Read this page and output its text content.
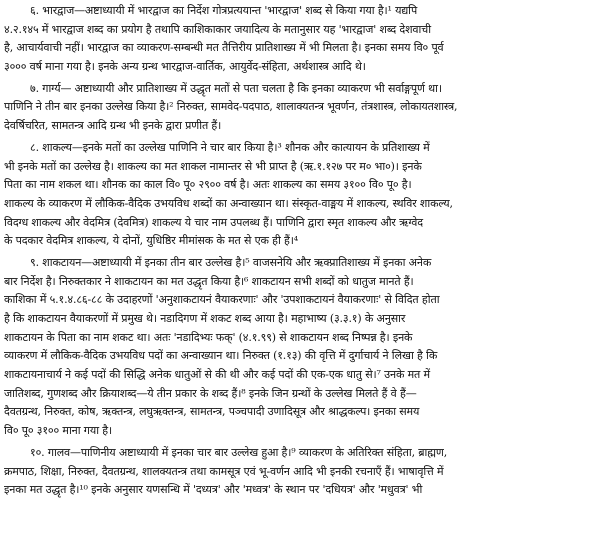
६. भारद्वाज—अष्टाध्यायी में भारद्वाज का निर्देश गोत्रप्रत्ययान्त 'भारद्वाज' शब्द से किया गया है।¹ यद्यपि
४.२.१४५ में भारद्वाज शब्द का प्रयोग है तथापि काशिकाकार जयादित्य के मतानुसार यह 'भारद्वाज' शब्द देशवाची
है, आचार्यवाची नहीं। भारद्वाज का व्याकरण-सम्बन्धी मत तैत्तिरीय प्रातिशाख्य में भी मिलता है। इनका समय वि० पूर्व
३००० वर्ष माना गया है। इनके अन्य ग्रन्थ भारद्वाज-वार्तिक, आयुर्वेद-संहिता, अर्थशास्त्र आदि थे।
७. गार्ग्य— अष्टाध्यायी और प्रातिशाख्य में उद्धृत मतों से पता चलता है कि इनका व्याकरण भी सर्वाङ्गपूर्ण था।
पाणिनि ने तीन बार इनका उल्लेख किया है।² निरुक्त, सामवेद-पदपाठ, शालाक्यतन्त्र भूवर्णन, तंत्रशास्त्र, लोकायतशास्त्र,
देवर्षिचरित, सामतन्त्र आदि ग्रन्थ भी इनके द्वारा प्रणीत हैं।
८. शाकल्य—इनके मतों का उल्लेख पाणिनि ने चार बार किया है।³ शौनक और कात्यायन के प्रतिशाख्य में
भी इनके मतों का उल्लेख है। शाकल्य का मत शाकल नामान्तर से भी प्राप्त है (ऋ.१.१२७ पर म० भा०)। इनके
पिता का नाम शकल था। शौनक का काल वि० पू० २९०० वर्ष है। अतः शाकल्य का समय ३१०० वि० पू० है।
शाकल्य के व्याकरण में लौकिक-वैदिक उभयविध शब्दों का अन्वाख्यान था। संस्कृत-वाङ्मय में शाकल्य, स्थविर शाकल्य,
विदग्ध शाकल्य और वेदमित्र (देवमित्र) शाकल्य ये चार नाम उपलब्ध हैं। पाणिनि द्वारा स्मृत शाकल्य और ऋग्वेद
के पदकार वेदमित्र शाकल्य, ये दोनों, युधिष्ठिर मीमांसक के मत से एक ही हैं।⁴
९. शाकटायन—अष्टाध्यायी में इनका तीन बार उल्लेख है।⁵ वाजसनेयि और ऋक्प्रातिशाख्य में इनका अनेक
बार निर्देश है। निरुक्तकार ने शाकटायन का मत उद्धृत किया है।⁶ शाकटायन सभी शब्दों को धातुज मानते हैं।
काशिका में ५.१.४.८६-८८ के उदाहरणों 'अनुशाकटायनं वैयाकरणाः' और 'उपशाकटायनं वैयाकरणाः' से विदित होता
है कि शाकटायन वैयाकरणों में प्रमुख थे। नडादिगण में शकट शब्द आया है। महाभाष्य (३.३.१) के अनुसार
शाकटायन के पिता का नाम शकट था। अतः 'नडादिभ्यः फक्' (४.१.९९) से शाकटायन शब्द निष्पन्न है। इनके
व्याकरण में लौकिक-वैदिक उभयविध पदों का अन्वाख्यान था। निरुक्त (१.१३) की वृत्ति में दुर्गाचार्य ने लिखा है कि
शाकटायनाचार्य ने कई पदों की सिद्धि अनेक धातुओं से की थी और कई पदों की एक-एक धातु से।⁷ उनके मत में
जातिशब्द, गुणशब्द और क्रियाशब्द—ये तीन प्रकार के शब्द हैं।⁸ इनके जिन ग्रन्थों के उल्लेख मिलते हैं वे हैं—
दैवतग्रन्थ, निरुक्त, कोष, ऋक्तन्त्र, लघुऋक्तन्त्र, सामतन्त्र, पञ्चपादी उणादिसूत्र और श्राद्धकल्प। इनका समय
वि० पू० ३१०० माना गया है।
१०. गालव—पाणिनीय अष्टाध्यायी में इनका चार बार उल्लेख हुआ है।⁹ व्याकरण के अतिरिक्त संहिता, ब्राह्मण,
क्रमपाठ, शिक्षा, निरुक्त, दैवतग्रन्थ, शालक्यतन्त्र तथा कामसूत्र एवं भू-वर्णन आदि भी इनकी रचनाएँ हैं। भाषावृत्ति में
इनका मत उद्धृत है।¹⁰ इनके अनुसार यणसन्धि में 'दध्यत्र' और 'मध्वत्र' के स्थान पर 'दधियत्र' और 'मधुवत्र' भी
